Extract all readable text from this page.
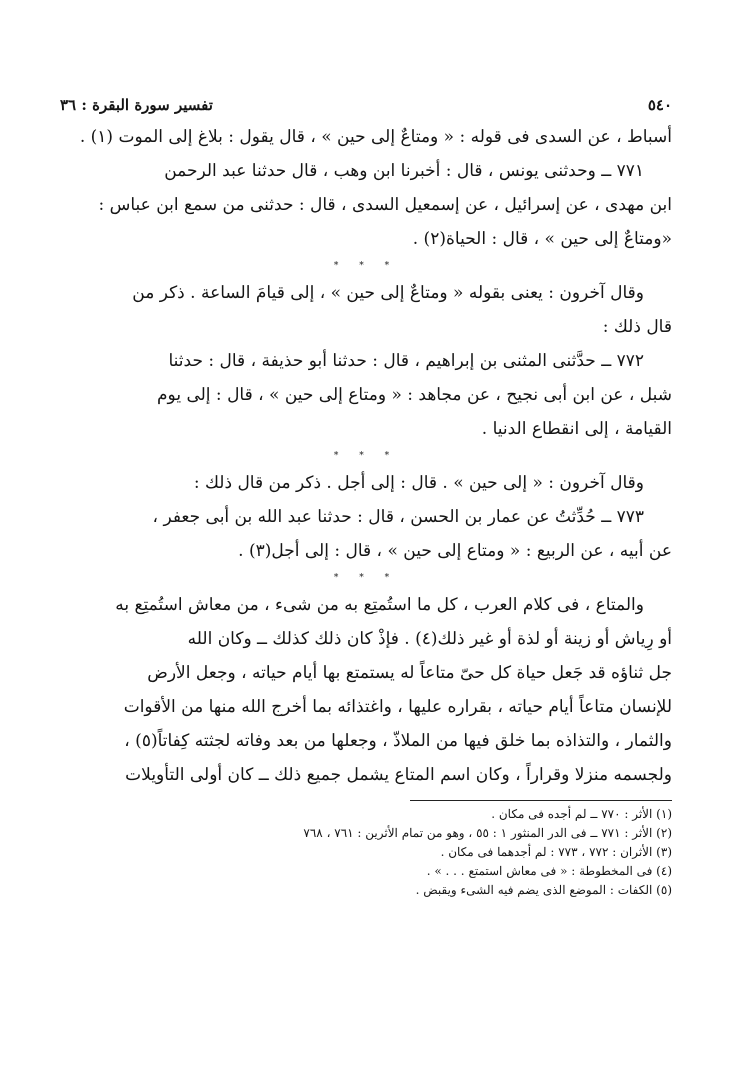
٥٤٠
تفسير سورة البقرة : ٣٦
أسباط ، عن السدى فى قوله : « ومتاعٌ إلى حين » ، قال يقول : بلاغ إلى الموت (١) .
٧٧١ ــ وحدثنى يونس ، قال : أخبرنا ابن وهب ، قال حدثنا عبد الرحمن
ابن مهدى ، عن إسرائيل ، عن إسمعيل السدى ، قال : حدثنى من سمع ابن عباس :
«ومتاعٌ إلى حين » ، قال : الحياة(٢) .
* * *
وقال آخرون : يعنى بقوله « ومتاعٌ إلى حين » ، إلى قيامَ الساعة . ذكر من
قال ذلك :
٧٧٢ ــ حدَّثنى المثنى بن إبراهيم ، قال : حدثنا أبو حذيفة ، قال : حدثنا
شبل ، عن ابن أبى نجيح ، عن مجاهد : « ومتاع إلى حين » ، قال : إلى يوم
القيامة ، إلى انقطاع الدنيا .
* * *
وقال آخرون : « إلى حين » . قال : إلى أجل . ذكر من قال ذلك :
٧٧٣ ــ حُدِّثتُ عن عمار بن الحسن ، قال : حدثنا عبد الله بن أبى جعفر ،
عن أبيه ، عن الربيع : « ومتاع إلى حين » ، قال : إلى أجل(٣) .
* * *
والمتاع ، فى كلام العرب ، كل ما استُمتِع به من شىء ، من معاش استُمتِع به
أو رِياش أو زينة أو لذة أو غير ذلك(٤) . فإذْ كان ذلك كذلك ــ وكان الله
جل ثناؤه قد جَعل حياة كل حىّ متاعاً له يستمتع بها أيام حياته ، وجعل الأرض
للإنسان متاعاً أيام حياته ، بقراره عليها ، واغتذائه بما أخرج الله منها من الأقوات
والثمار ، والتذاذه بما خلق فيها من الملاذّ ، وجعلها من بعد وفاته لجثته كِفاتاً(٥) ،
ولجسمه منزلا وقراراً ، وكان اسم المتاع يشمل جميع ذلك ــ كان أولى التأويلات
(١) الأثر : ٧٧٠ ــ لم أجده فى مكان .
(٢) الأثر : ٧٧١ ــ فى الدر المنثور ١ : ٥٥ ، وهو من تمام الأثرين : ٧٦١ ، ٧٦٨
(٣) الأثران : ٧٧٢ ، ٧٧٣ : لم أجدهما فى مكان .
(٤) فى المخطوطة : « فى معاش استمتع . . . » .
(٥) الكفات : الموضع الذى يضم فيه الشىء ويقبض .
